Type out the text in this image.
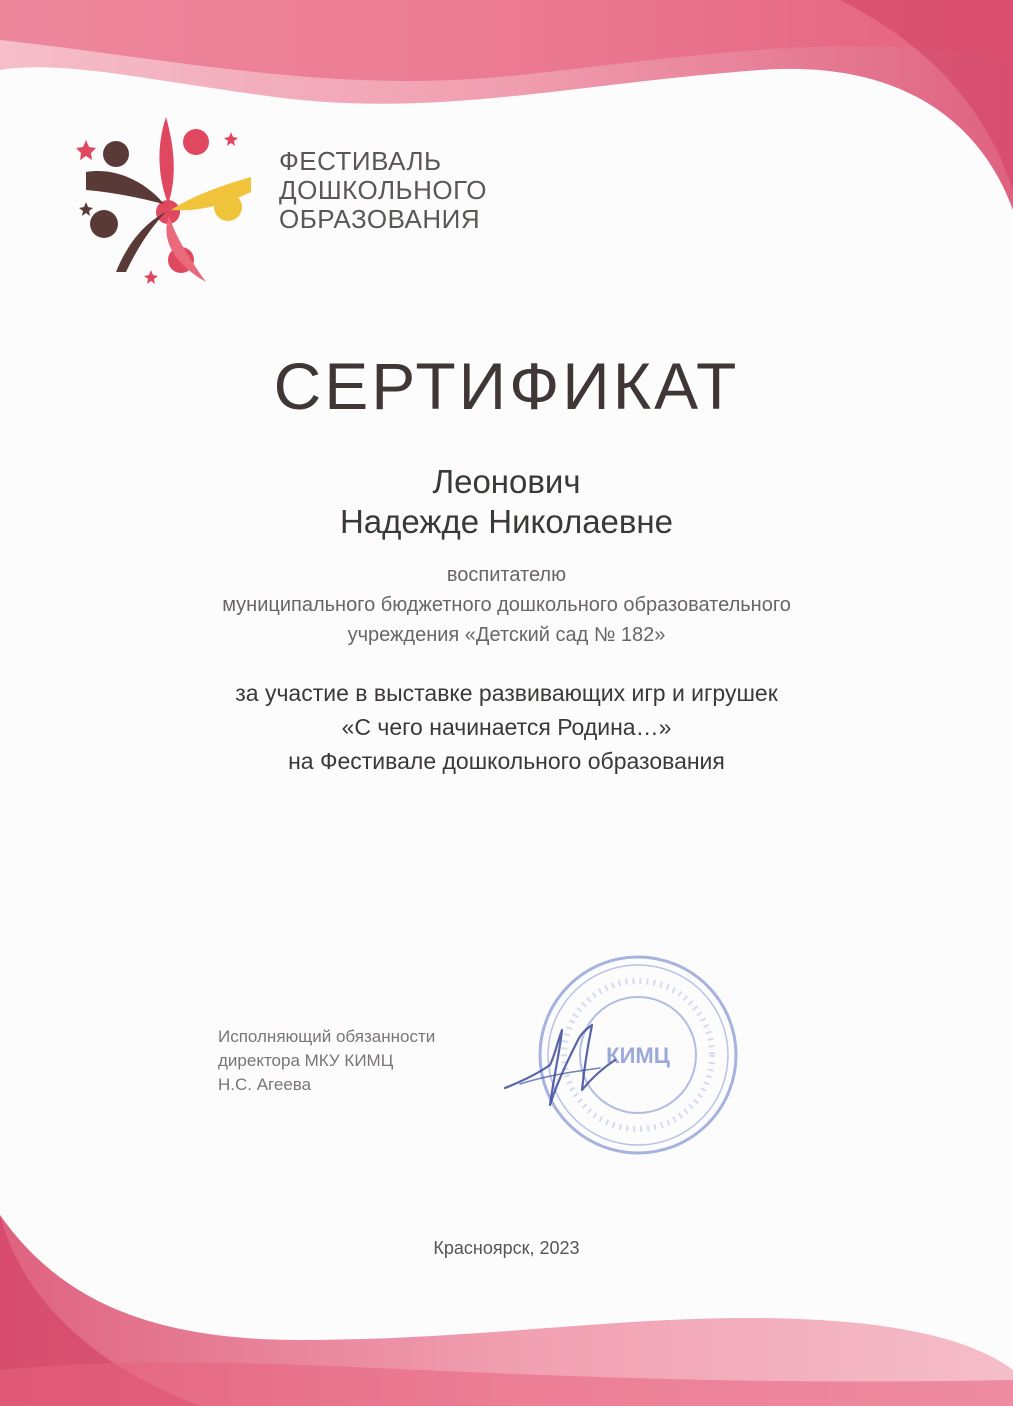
ФЕСТИВАЛЬ
ДОШКОЛЬНОГО
ОБРАЗОВАНИЯ
СЕРТИФИКАТ
Леонович
Надежде Николаевне
воспитателю
муниципального бюджетного дошкольного образовательного
учреждения «Детский сад № 182»
за участие в выставке развивающих игр и игрушек
«С чего начинается Родина…»
на Фестивале дошкольного образования
Исполняющий обязанности
директора МКУ КИМЦ
Н.С. Агеева
КИМЦ
Красноярск, 2023
